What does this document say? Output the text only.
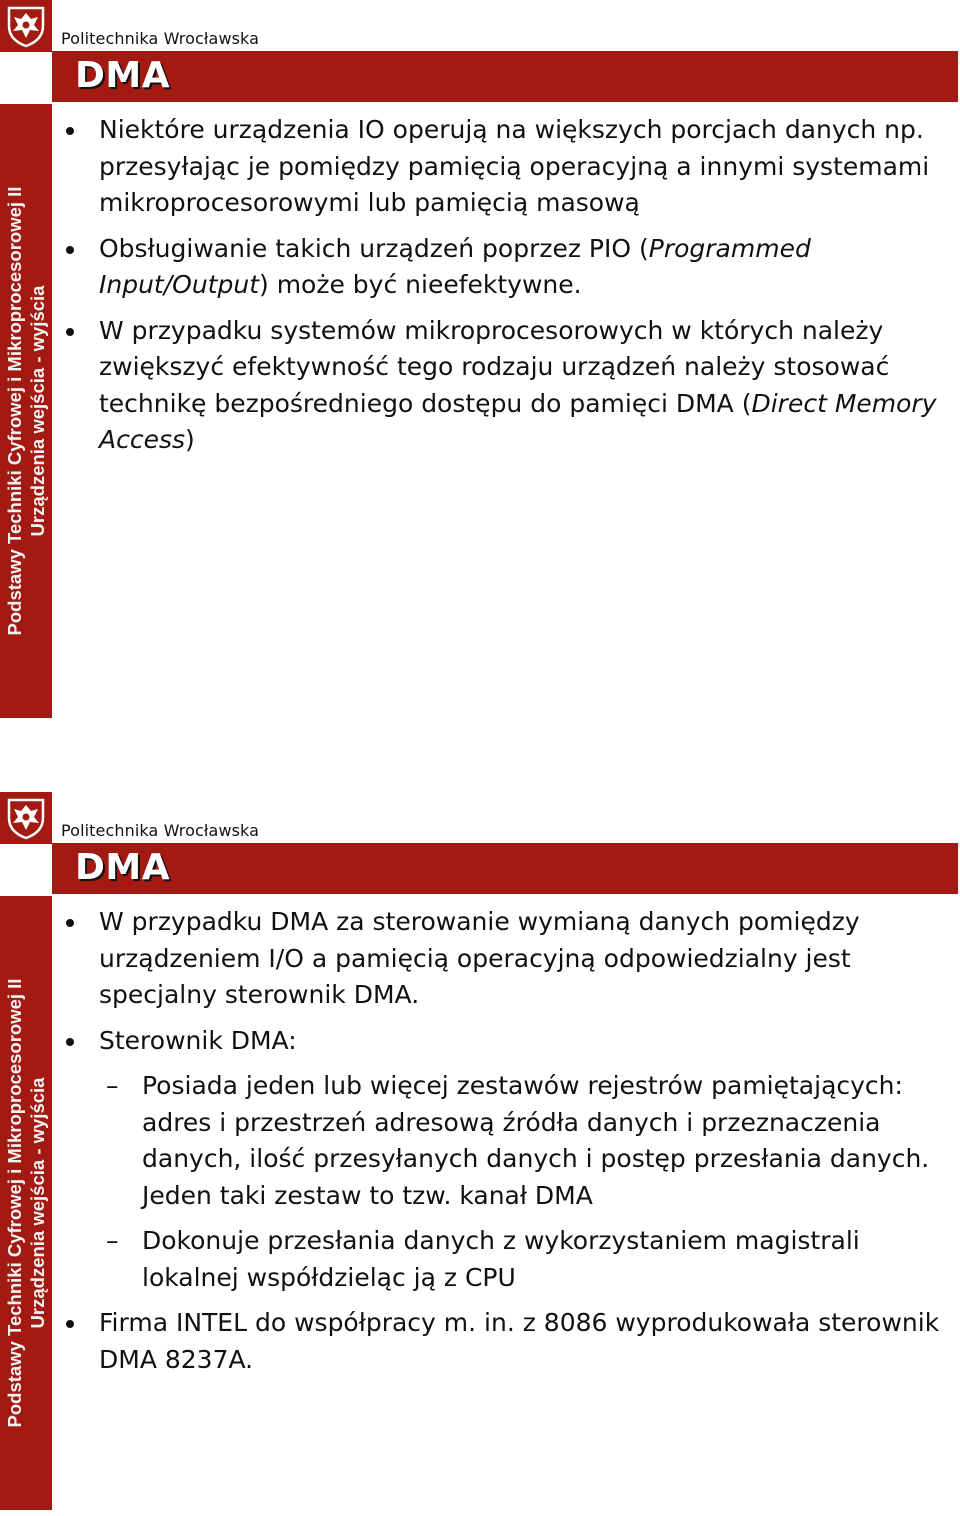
Politechnika Wrocławska
DMA
Podstawy Techniki Cyfrowej i Mikroprocesorowej II Urządzenia wejścia - wyjścia
Niektóre urządzenia IO operują na większych porcjach danych np. przesyłając je pomiędzy pamięcią operacyjną a innymi systemami mikroprocesorowymi lub pamięcią masową
Obsługiwanie takich urządzeń poprzez PIO (Programmed Input/Output) może być nieefektywne.
W przypadku systemów mikroprocesorowych w których należy zwiększyć efektywność tego rodzaju urządzeń należy stosować technikę bezpośredniego dostępu do pamięci DMA (Direct Memory Access)
Politechnika Wrocławska
DMA
Podstawy Techniki Cyfrowej i Mikroprocesorowej II Urządzenia wejścia - wyjścia
W przypadku DMA za sterowanie wymianą danych pomiędzy urządzeniem I/O a pamięcią operacyjną odpowiedzialny jest specjalny sterownik DMA.
Sterownik DMA:
– Posiada jeden lub więcej zestawów rejestrów pamiętających: adres i przestrzeń adresową źródła danych i przeznaczenia danych, ilość przesyłanych danych i postęp przesłania danych. Jeden taki zestaw to tzw. kanał DMA
– Dokonuje przesłania danych z wykorzystaniem magistrali lokalnej współdzieląc ją z CPU
Firma INTEL do współpracy m. in. z 8086 wyprodukowała sterownik DMA 8237A.
